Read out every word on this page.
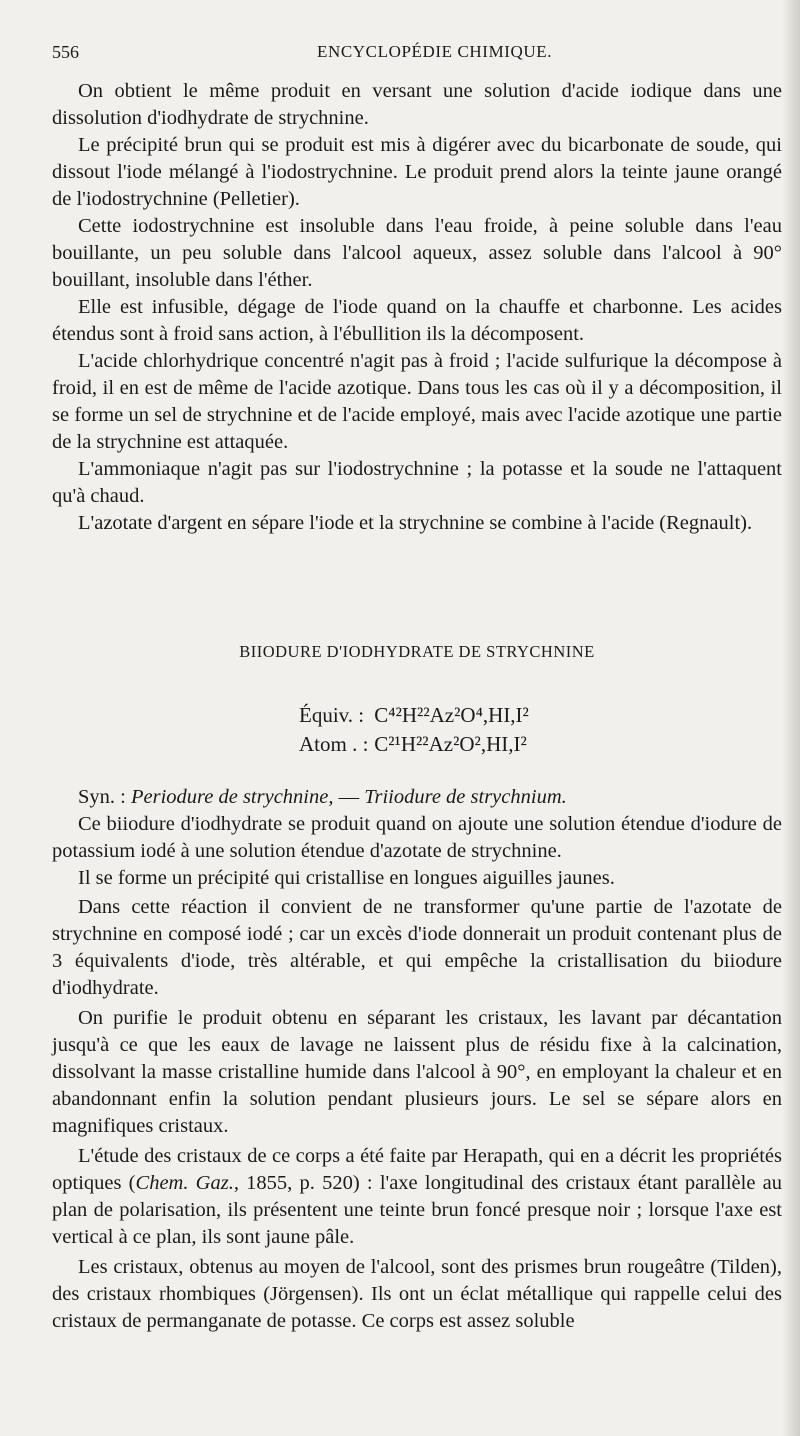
556	ENCYCLOPÉDIE CHIMIQUE.

On obtient le même produit en versant une solution d'acide iodique dans une dissolution d'iodhydrate de strychnine.

Le précipité brun qui se produit est mis à digérer avec du bicarbonate de soude, qui dissout l'iode mélangé à l'iodostrychnine. Le produit prend alors la teinte jaune orangé de l'iodostrychnine (Pelletier).

Cette iodostrychnine est insoluble dans l'eau froide, à peine soluble dans l'eau bouillante, un peu soluble dans l'alcool aqueux, assez soluble dans l'alcool à 90° bouillant, insoluble dans l'éther.

Elle est infusible, dégage de l'iode quand on la chauffe et charbonne. Les acides étendus sont à froid sans action, à l'ébullition ils la décomposent.

L'acide chlorhydrique concentré n'agit pas à froid ; l'acide sulfurique la décompose à froid, il en est de même de l'acide azotique. Dans tous les cas où il y a décomposition, il se forme un sel de strychnine et de l'acide employé, mais avec l'acide azotique une partie de la strychnine est attaquée.

L'ammoniaque n'agit pas sur l'iodostrychnine ; la potasse et la soude ne l'attaquent qu'à chaud.

L'azotate d'argent en sépare l'iode et la strychnine se combine à l'acide (Regnault).

BIIODURE D'IODHYDRATE DE STRYCHNINE

Équiv. : C⁴²H²²Az²O⁴,HI,I²
Atom . : C²¹H²²Az²O²,HI,I²

Syn. : Periodure de strychnine, — Triiodure de strychnium.

Ce biiodure d'iodhydrate se produit quand on ajoute une solution étendue d'iodure de potassium iodé à une solution étendue d'azotate de strychnine.

Il se forme un précipité qui cristallise en longues aiguilles jaunes.

Dans cette réaction il convient de ne transformer qu'une partie de l'azotate de strychnine en composé iodé ; car un excès d'iode donnerait un produit contenant plus de 3 équivalents d'iode, très altérable, et qui empêche la cristallisation du biiodure d'iodhydrate.

On purifie le produit obtenu en séparant les cristaux, les lavant par décantation jusqu'à ce que les eaux de lavage ne laissent plus de résidu fixe à la calcination, dissolvant la masse cristalline humide dans l'alcool à 90°, en employant la chaleur et en abandonnant enfin la solution pendant plusieurs jours. Le sel se sépare alors en magnifiques cristaux.

L'étude des cristaux de ce corps a été faite par Herapath, qui en a décrit les propriétés optiques (Chem. Gaz., 1855, p. 520) : l'axe longitudinal des cristaux étant parallèle au plan de polarisation, ils présentent une teinte brun foncé presque noir ; lorsque l'axe est vertical à ce plan, ils sont jaune pâle.

Les cristaux, obtenus au moyen de l'alcool, sont des prismes brun rougeâtre (Tilden), des cristaux rhombiques (Jörgensen). Ils ont un éclat métallique qui rappelle celui des cristaux de permanganate de potasse. Ce corps est assez soluble
